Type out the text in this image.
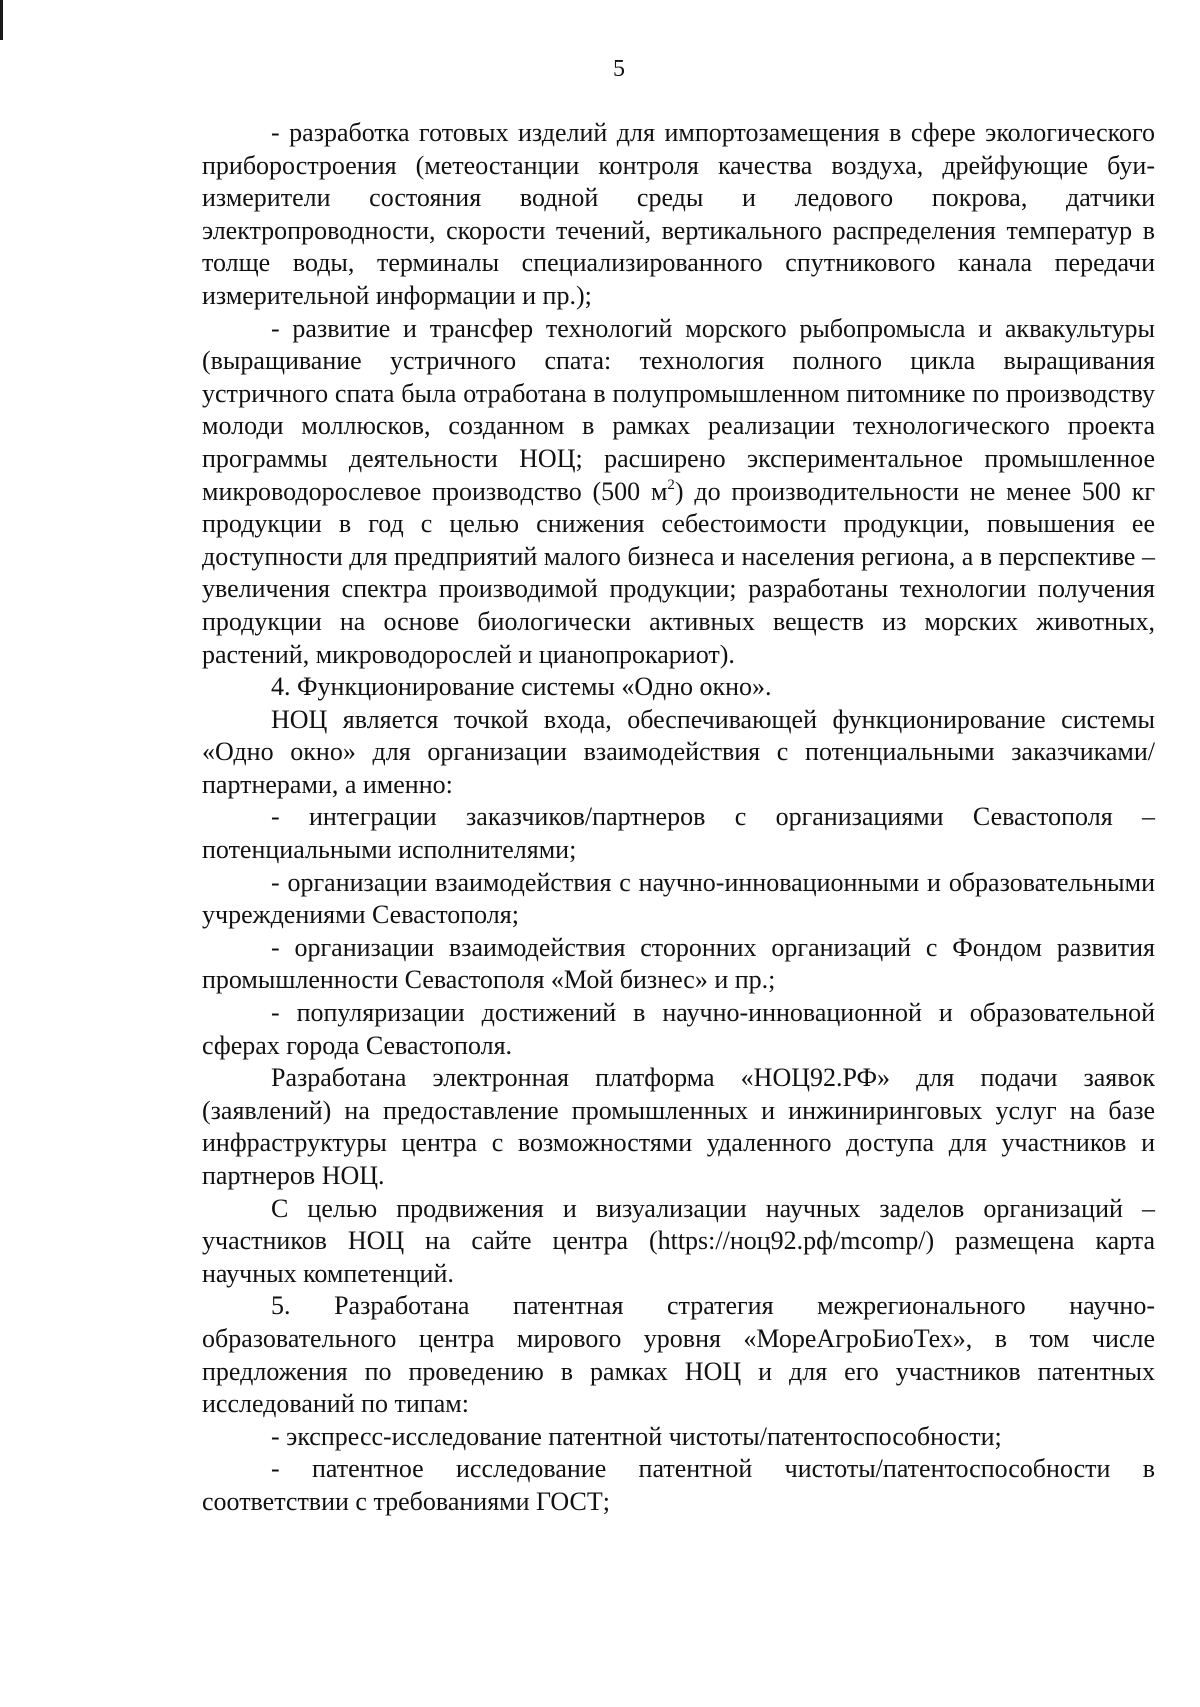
5

- разработка готовых изделий для импортозамещения в сфере экологического приборостроения (метеостанции контроля качества воздуха, дрейфующие буи-измерители состояния водной среды и ледового покрова, датчики электропроводности, скорости течений, вертикального распределения температур в толще воды, терминалы специализированного спутникового канала передачи измерительной информации и пр.);

- развитие и трансфер технологий морского рыбопромысла и аквакультуры (выращивание устричного спата: технология полного цикла выращивания устричного спата была отработана в полупромышленном питомнике по производству молоди моллюсков, созданном в рамках реализации технологического проекта программы деятельности НОЦ; расширено экспериментальное промышленное микроводорослевое производство (500 $м^2$) до производительности не менее 500 кг продукции в год с целью снижения себестоимости продукции, повышения ее доступности для предприятий малого бизнеса и населения региона, а в перспективе – увеличения спектра производимой продукции; разработаны технологии получения продукции на основе биологически активных веществ из морских животных, растений, микроводорослей и цианопрокариот).

4. Функционирование системы «Одно окно».

НОЦ является точкой входа, обеспечивающей функционирование системы «Одно окно» для организации взаимодействия с потенциальными заказчиками/партнерами, а именно:

- интеграции заказчиков/партнеров с организациями Севастополя – потенциальными исполнителями;

- организации взаимодействия с научно-инновационными и образовательными учреждениями Севастополя;

- организации взаимодействия сторонних организаций с Фондом развития промышленности Севастополя «Мой бизнес» и пр.;

- популяризации достижений в научно-инновационной и образовательной сферах города Севастополя.

Разработана электронная платформа «НОЦ92.РФ» для подачи заявок (заявлений) на предоставление промышленных и инжиниринговых услуг на базе инфраструктуры центра с возможностями удаленного доступа для участников и партнеров НОЦ.

С целью продвижения и визуализации научных заделов организаций – участников НОЦ на сайте центра (https://ноц92.рф/mcomp/) размещена карта научных компетенций.

5. Разработана патентная стратегия межрегионального научно-образовательного центра мирового уровня «МореАгроБиоТех», в том числе предложения по проведению в рамках НОЦ и для его участников патентных исследований по типам:

- экспресс-исследование патентной чистоты/патентоспособности;

- патентное исследование патентной чистоты/патентоспособности в соответствии с требованиями ГОСТ;
